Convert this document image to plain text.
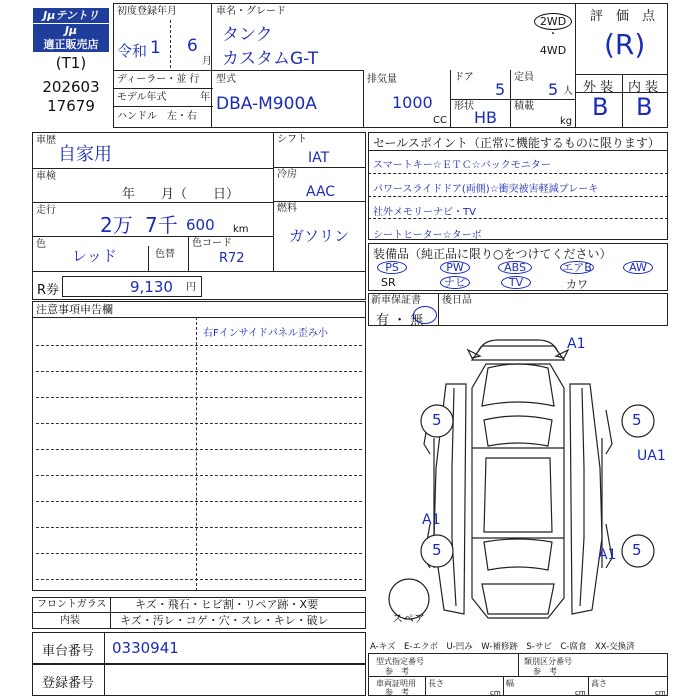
Jμテントリ
Jμ
適正販売店
(T1)
202603
17679
初度登録年月
令和 1 6
月
車名・グレード
タンク
カスタムG-T
2WD
・
4WD
ディーラー・並 行
モデル年式	年
ハンドル　左・右
型式
DBA-M900A
排気量
1000
CC
ドア
5
形状
HB
定員
5 人
積載
kg
評　価　点
(R)
外 装 内 装
B B
車歴
自家用
車検
年　　月（　　日）
走行
2万 7千 600 km
色
レッド	色替
色コード
R72
シフト
IAT
冷房
AAC
燃料
ガソリン
R券	9,130 円
セールスポイント（正常に機能するものに限ります）
スマートキー☆ＥＴＣ☆バックモニター
パワースライドドア(両側)☆衝突被害軽減ブレーキ
社外メモリーナビ・TV
シートヒーター☆ターボ
装備品（純正品に限り○をつけてください）
PS	PW	ABS	エアB	AW
SR	ナビ	TV	カワ
新車保証書
有 ・ 無
後日品
注意事項申告欄
右Fインサイドパネル歪み小
A1
5	5
UA1
A1
5	A1 5
スペア
フロントガラス	キズ・飛石・ヒビ割・リペア跡・X要
内装	キズ・汚レ・コゲ・穴・スレ・キレ・破レ
車台番号 0330941
登録番号
A-キズ　E-エクボ　U-凹み　W-補修跡　S-サビ　C-腐食　XX-交換済
型式指定番号
参　考
類別区分番号
参　考
車両証明用
参　考
長さ
cm
幅
cm
高さ
cm
